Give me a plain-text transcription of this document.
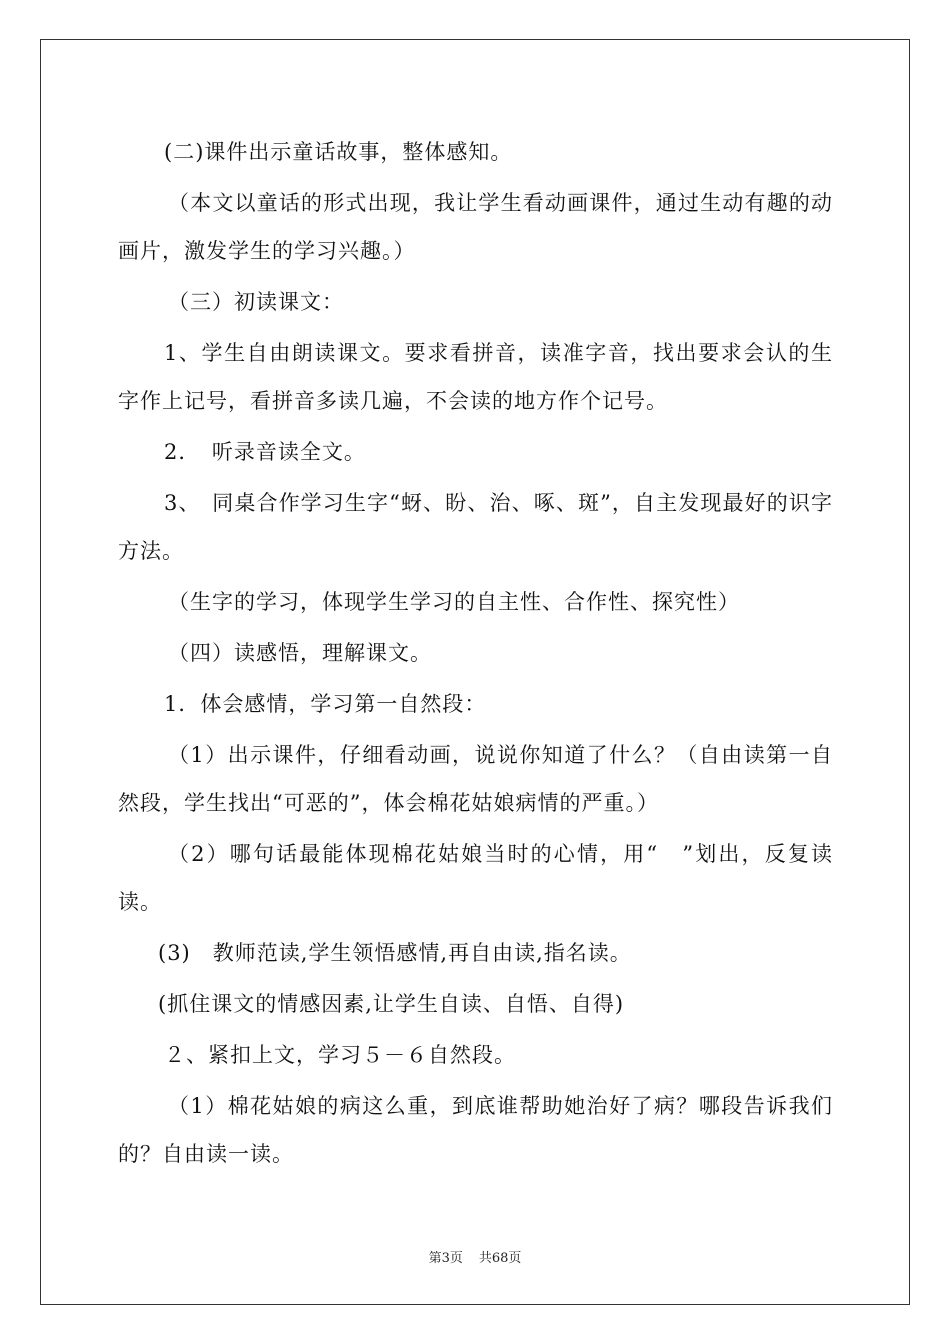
(二)课件出示童话故事，整体感知。

（本文以童话的形式出现，我让学生看动画课件，通过生动有趣的动画片，激发学生的学习兴趣。）

（三）初读课文：

1、学生自由朗读课文。要求看拼音，读准字音，找出要求会认的生字作上记号，看拼音多读几遍，不会读的地方作个记号。

2．　听录音读全文。

3、　同桌合作学习生字“蚜、盼、治、啄、斑”，自主发现最好的识字方法。

（生字的学习，体现学生学习的自主性、合作性、探究性）

（四）读感悟，理解课文。

1．体会感情，学习第一自然段：

（1）出示课件，仔细看动画，说说你知道了什么？（自由读第一自然段，学生找出“可恶的”，体会棉花姑娘病情的严重。）

（2）哪句话最能体现棉花姑娘当时的心情，用“　”划出，反复读读。

(3)　教师范读,学生领悟感情,再自由读,指名读。

(抓住课文的情感因素,让学生自读、自悟、自得)

２、紧扣上文，学习５－６自然段。

（1）棉花姑娘的病这么重，到底谁帮助她治好了病？哪段告诉我们的？自由读一读。

第3页 共68页
